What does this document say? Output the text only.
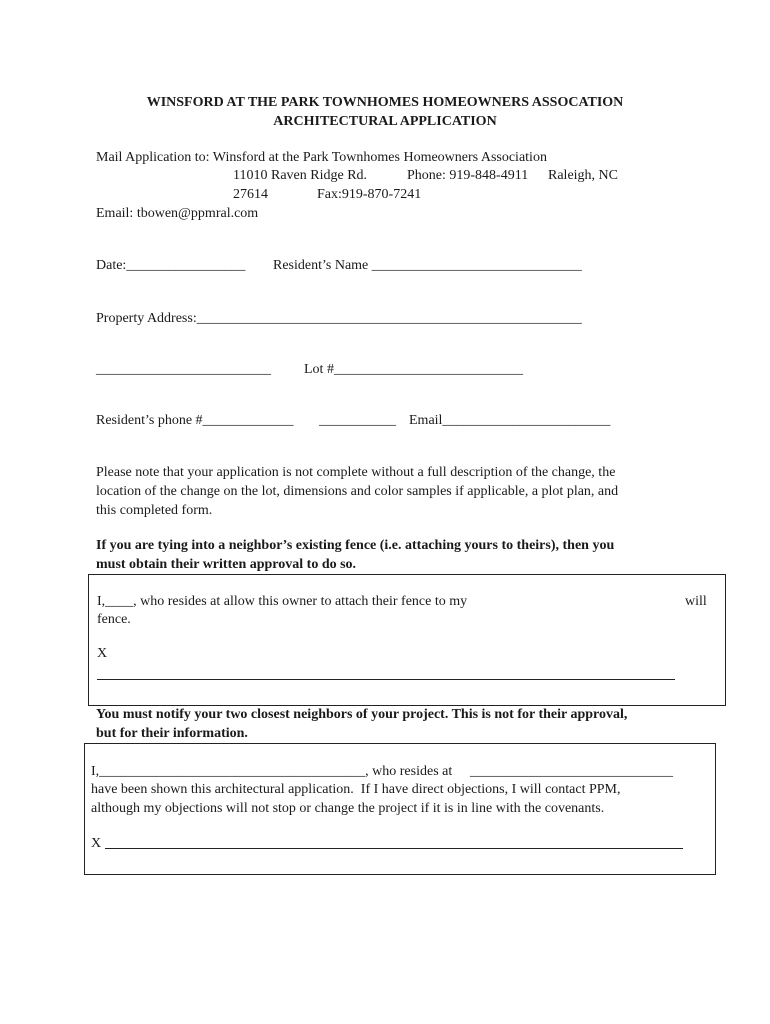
WINSFORD AT THE PARK TOWNHOMES HOMEOWNERS ASSOCATION
ARCHITECTURAL APPLICATION
Mail Application to: Winsford at the Park Townhomes Homeowners Association
11010 Raven Ridge Rd.	Phone: 919-848-4911 Raleigh, NC
27614	Fax:919-870-7241
Email: tbowen@ppmral.com
Date:_________________ Resident’s Name ______________________________
Property Address:_______________________________________________________
_________________________ Lot #___________________________
Resident’s phone #_____________ ___________ Email________________________
Please note that your application is not complete without a full description of the change, the
location of the change on the lot, dimensions and color samples if applicable, a plot plan, and
this completed form.
If you are tying into a neighbor’s existing fence (i.e. attaching yours to theirs), then you
must obtain their written approval to do so.
I,____, who resides at allow this owner to attach their fence to my	will
fence.
X
You must notify your two closest neighbors of your project. This is not for their approval,
but for their information.
I,______________________________________, who resides at _____________________________
have been shown this architectural application.  If I have direct objections, I will contact PPM,
although my objections will not stop or change the project if it is in line with the covenants.
X
